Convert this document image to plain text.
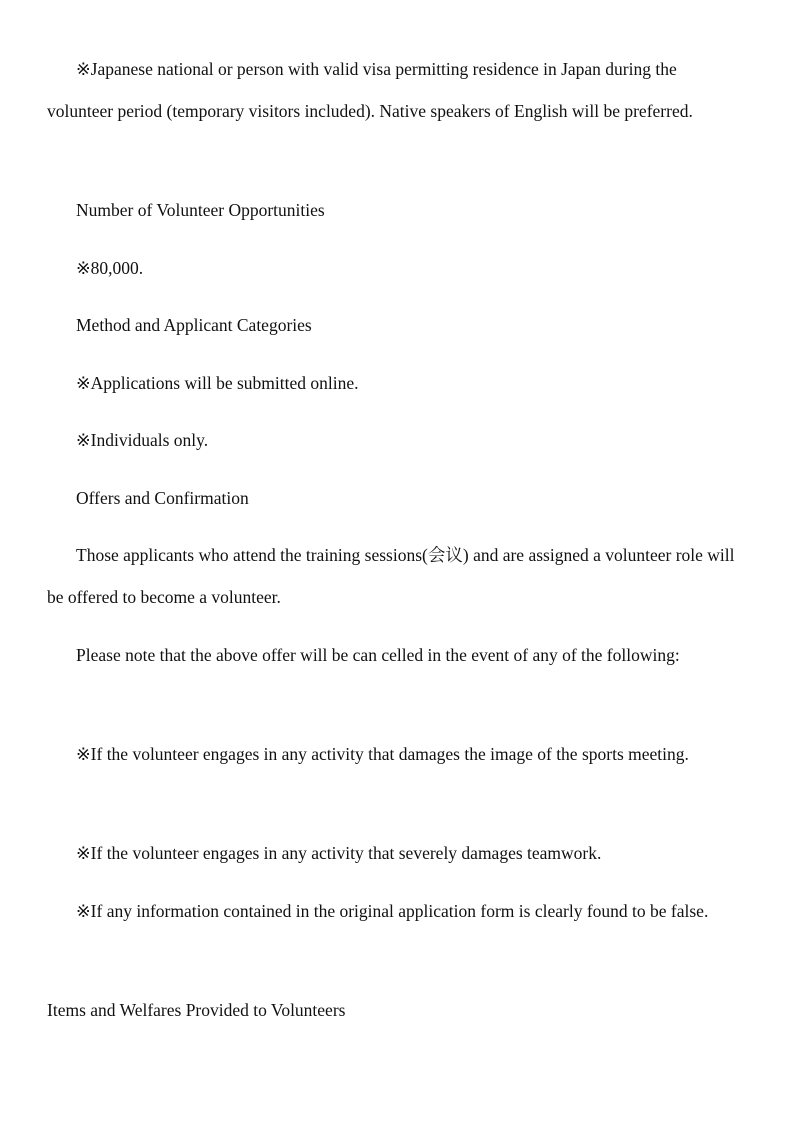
※Japanese national or person with valid visa permitting residence in Japan during the volunteer period (temporary visitors included). Native speakers of English will be preferred.

Number of Volunteer Opportunities

※80,000.

Method and Applicant Categories

※Applications will be submitted online.

※Individuals only.

Offers and Confirmation

Those applicants who attend the training sessions(会议) and are assigned a volunteer role will be offered to become a volunteer.

Please note that the above offer will be can celled in the event of any of the following:

※If the volunteer engages in any activity that damages the image of the sports meeting.

※If the volunteer engages in any activity that severely damages teamwork.

※If any information contained in the original application form is clearly found to be false.

Items and Welfares Provided to Volunteers
